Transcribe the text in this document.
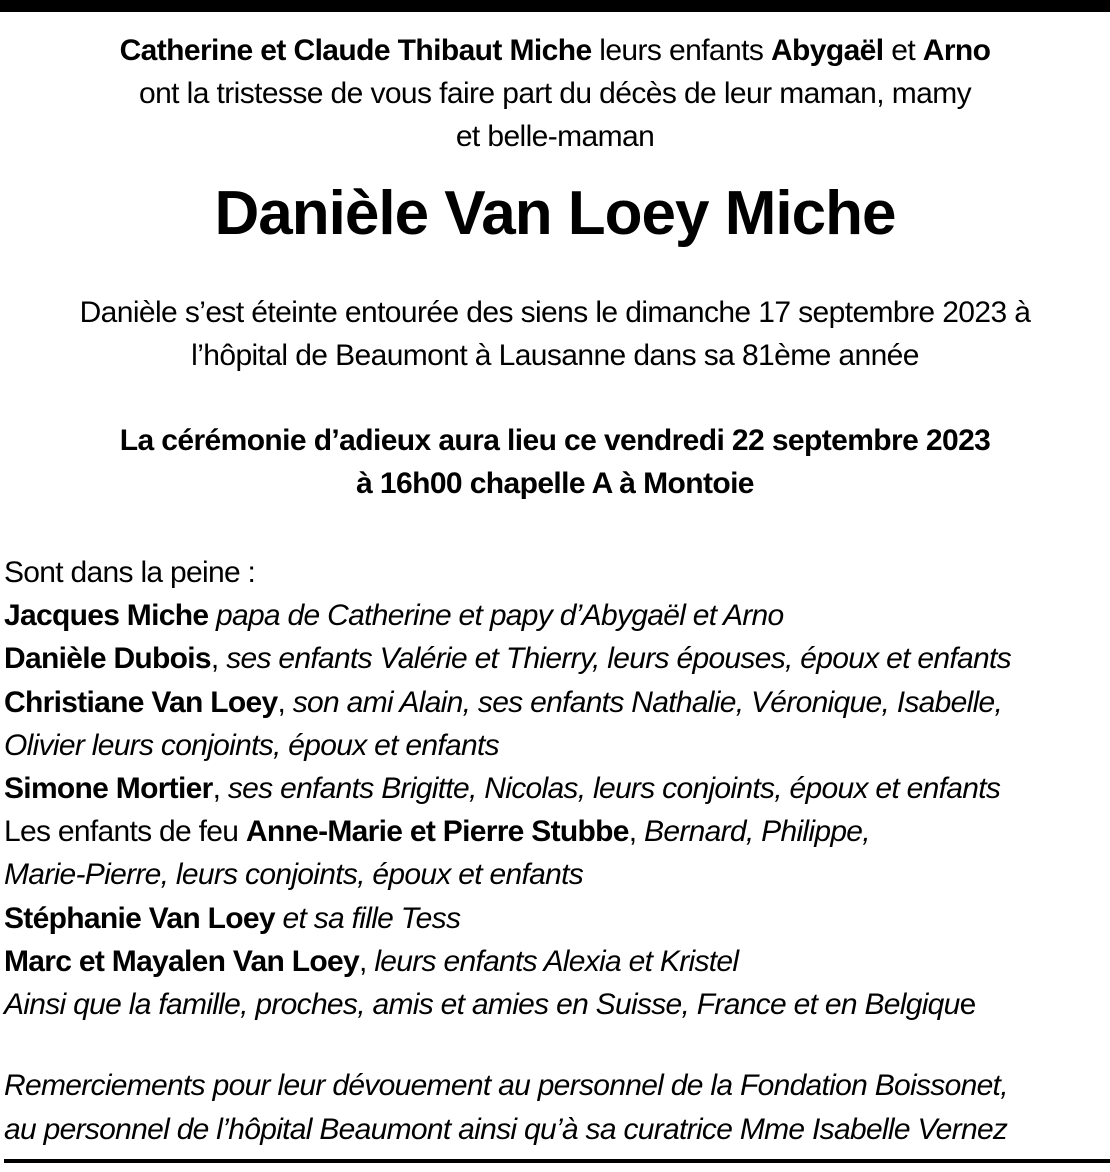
Catherine et Claude Thibaut Miche leurs enfants Abygaël et Arno
ont la tristesse de vous faire part du décès de leur maman, mamy
et belle-maman
Danièle Van Loey Miche
Danièle s’est éteinte entourée des siens le dimanche 17 septembre 2023 à
l’hôpital de Beaumont à Lausanne dans sa 81ème année
La cérémonie d’adieux aura lieu ce vendredi 22 septembre 2023
à 16h00 chapelle A à Montoie
Sont dans la peine :
Jacques Miche papa de Catherine et papy d’Abygaël et Arno
Danièle Dubois, ses enfants Valérie et Thierry, leurs épouses, époux et enfants
Christiane Van Loey, son ami Alain, ses enfants Nathalie, Véronique, Isabelle,
Olivier leurs conjoints, époux et enfants
Simone Mortier, ses enfants Brigitte, Nicolas, leurs conjoints, époux et enfants
Les enfants de feu Anne-Marie et Pierre Stubbe, Bernard, Philippe,
Marie-Pierre, leurs conjoints, époux et enfants
Stéphanie Van Loey et sa fille Tess
Marc et Mayalen Van Loey, leurs enfants Alexia et Kristel
Ainsi que la famille, proches, amis et amies en Suisse, France et en Belgique
Remerciements pour leur dévouement au personnel de la Fondation Boissonet,
au personnel de l’hôpital Beaumont ainsi qu’à sa curatrice Mme Isabelle Vernez
